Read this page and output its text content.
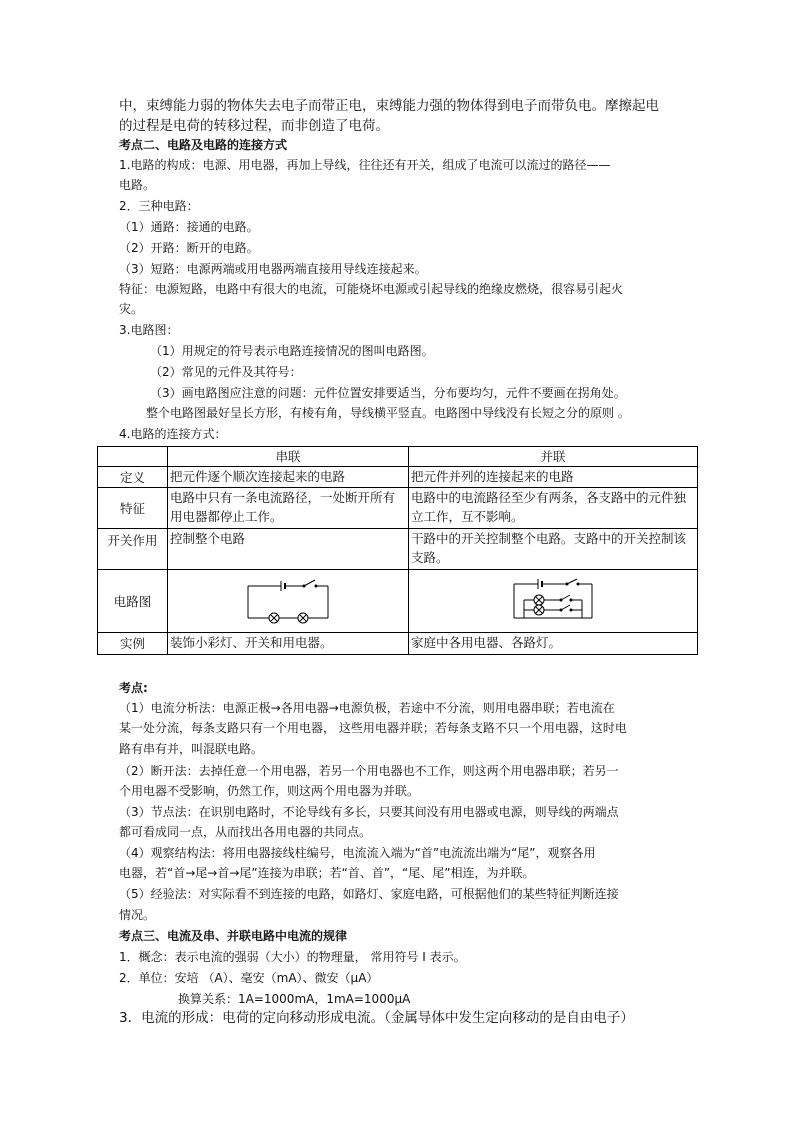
中，束缚能力弱的物体失去电子而带正电，束缚能力强的物体得到电子而带负电。摩擦起电
的过程是电荷的转移过程，而非创造了电荷。
考点二、电路及电路的连接方式
1.电路的构成：电源、用电器，再加上导线，往往还有开关，组成了电流可以流过的路径——
电路。
2．三种电路：
（1）通路：接通的电路。
（2）开路：断开的电路。
（3）短路：电源两端或用电器两端直接用导线连接起来。
特征：电源短路，电路中有很大的电流，可能烧坏电源或引起导线的绝缘皮燃烧，很容易引起火
灾。
3.电路图：
（1）用规定的符号表示电路连接情况的图叫电路图。
（2）常见的元件及其符号：
（3）画电路图应注意的问题：元件位置安排要适当，分布要均匀，元件不要画在拐角处。
整个电路图最好呈长方形，有棱有角，导线横平竖直。电路图中导线没有长短之分的原则 。
4.电路的连接方式：
	串联	并联
定义	把元件逐个顺次连接起来的电路	把元件并列的连接起来的电路
特征	电路中只有一条电流路径，一处断开所有用电器都停止工作。	电路中的电流路径至少有两条，各支路中的元件独立工作，互不影响。
开关作用	控制整个电路	干路中的开关控制整个电路。支路中的开关控制该支路。
电路图	

实例	装饰小彩灯、开关和用电器。	家庭中各用电器、各路灯。
考点:
（1）电流分析法：电源正极→各用电器→电源负极，若途中不分流，则用电器串联；若电流在
某一处分流，每条支路只有一个用电器， 这些用电器并联；若每条支路不只一个用电器，这时电
路有串有并，叫混联电路。
（2）断开法：去掉任意一个用电器，若另一个用电器也不工作，则这两个用电器串联；若另一
个用电器不受影响，仍然工作，则这两个用电器为并联。
（3）节点法：在识别电路时，不论导线有多长，只要其间没有用电器或电源，则导线的两端点
都可看成同一点，从而找出各用电器的共同点。
（4）观察结构法：将用电器接线柱编号，电流流入端为“首”电流流出端为“尾”，观察各用
电器，若“首→尾→首→尾”连接为串联；若“首、首”，“尾、尾”相连，为并联。
（5）经验法：对实际看不到连接的电路，如路灯、家庭电路，可根据他们的某些特征判断连接
情况。
考点三、电流及串、并联电路中电流的规律
1．概念：表示电流的强弱（大小）的物理量， 常用符号 I 表示。
2．单位：安培 （A）、毫安（mA）、微安（μA）
换算关系：1A=1000mA，1mA=1000μA
3．电流的形成：电荷的定向移动形成电流。（金属导体中发生定向移动的是自由电子）
